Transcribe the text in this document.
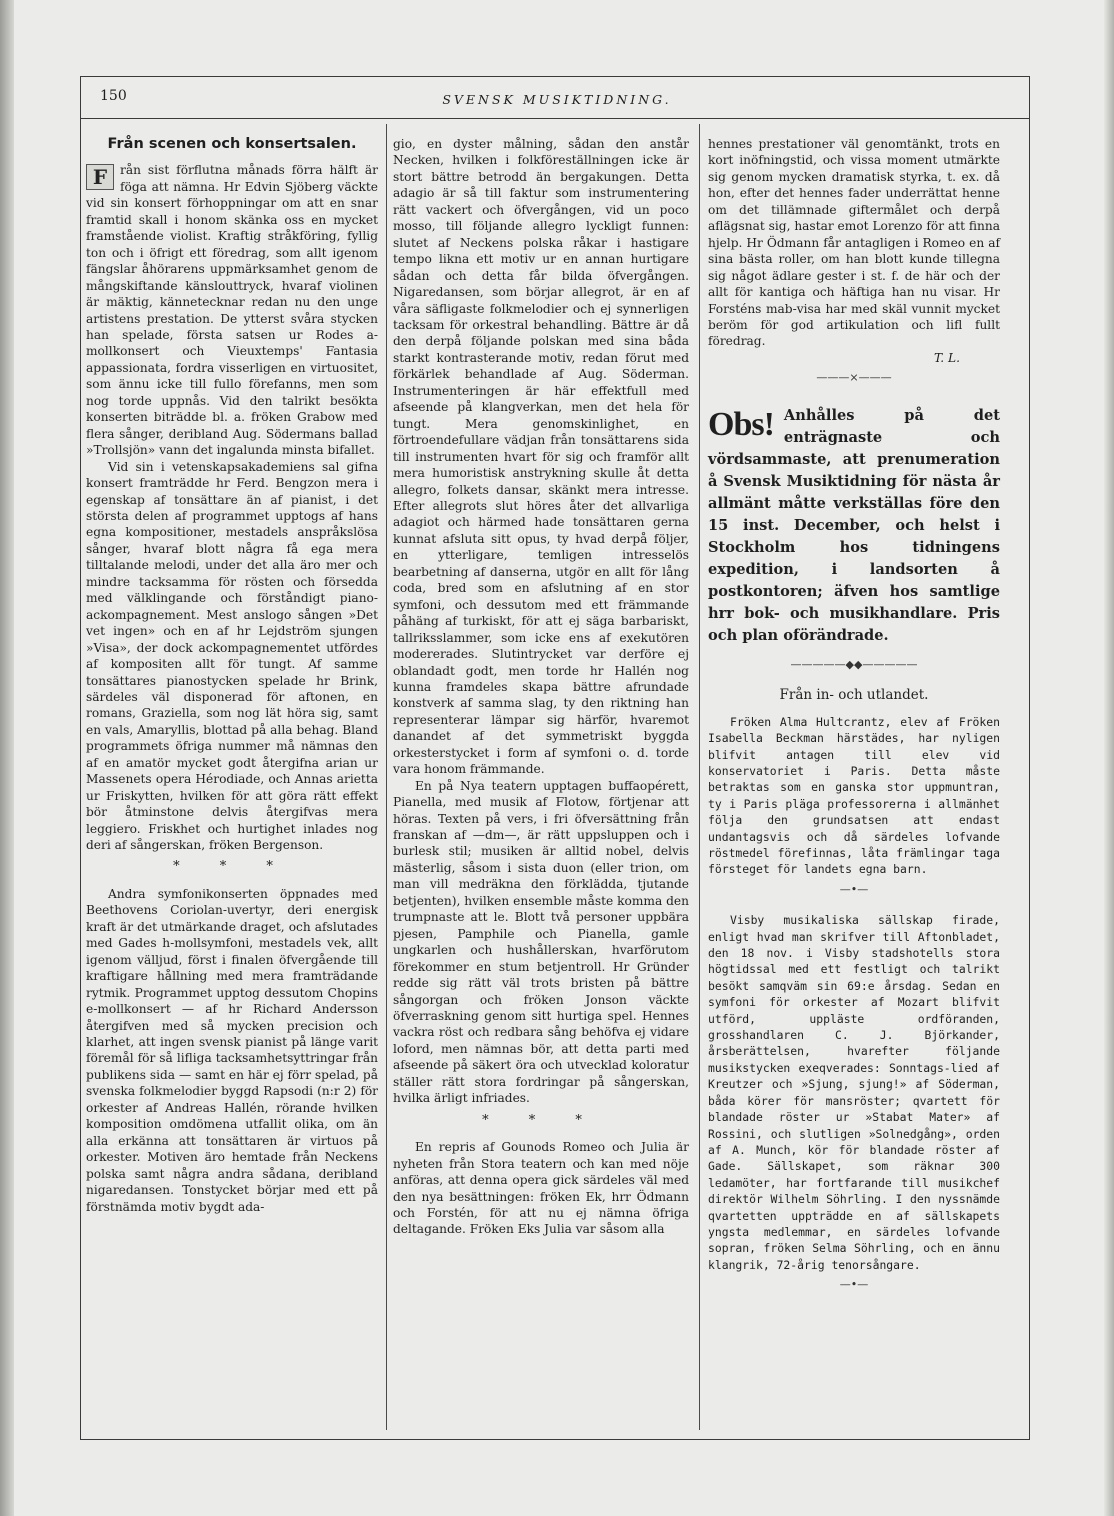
150	SVENSK MUSIKTIDNING.

Från scenen och konsertsalen.

F	rån sist förflutna månads förra hälft är föga att nämna. Hr Edvin Sjöberg väckte vid sin konsert förhoppningar om att en snar framtid skall i honom skänka oss en mycket framstående violist. Kraftig stråkföring, fyllig ton och i öfrigt ett föredrag, som allt igenom fängslar åhörarens uppmärksamhet genom de mångskiftande känslouttryck, hvaraf violinen är mäktig, kännetecknar redan nu den unge artistens prestation. De ytterst svåra stycken han spelade, första satsen ur Rodes a-mollkonsert och Vieuxtemps' Fantasia appassionata, fordra visserligen en virtuositet, som ännu icke till fullo förefanns, men som nog torde uppnås. Vid den talrikt besökta konserten biträdde bl. a. fröken Grabow med flera sånger, deribland Aug. Södermans ballad »Trollsjön» vann det ingalunda minsta bifallet.

Vid sin i vetenskapsakademiens sal gifna konsert framträdde hr Ferd. Bengzon mera i egenskap af tonsättare än af pianist, i det största delen af programmet upptogs af hans egna kompositioner, mestadels anspråkslösa sånger, hvaraf blott några få ega mera tilltalande melodi, under det alla äro mer och mindre tacksamma för rösten och försedda med välklingande och förståndigt piano-ackompagnement. Mest anslogo sången »Det vet ingen» och en af hr Lejdström sjungen »Visa», der dock ackompagnementet utfördes af kompositen allt för tungt. Af samme tonsättares pianostycken spelade hr Brink, särdeles väl disponerad för aftonen, en romans, Graziella, som nog lät höra sig, samt en vals, Amaryllis, blottad på alla behag. Bland programmets öfriga nummer må nämnas den af en amatör mycket godt återgifna arian ur Massenets opera Hérodiade, och Annas arietta ur Friskytten, hvilken för att göra rätt effekt bör åtminstone delvis återgifvas mera leggiero. Friskhet och hurtighet inlades nog deri af sångerskan, fröken Bergenson.

* * *

Andra symfonikonserten öppnades med Beethovens Coriolan-uvertyr, deri energisk kraft är det utmärkande draget, och afslutades med Gades h-mollsymfoni, mestadels vek, allt igenom välljud, först i finalen öfvergående till kraftigare hållning med mera framträdande rytmik. Programmet upptog dessutom Chopins e-mollkonsert — af hr Richard Andersson återgifven med så mycken precision och klarhet, att ingen svensk pianist på länge varit föremål för så lifliga tacksamhetsyttringar från publikens sida — samt en här ej förr spelad, på svenska folkmelodier byggd Rapsodi (n:r 2) för orkester af Andreas Hallén, rörande hvilken komposition omdömena utfallit olika, om än alla erkänna att tonsättaren är virtuos på orkester. Motiven äro hemtade från Neckens polska samt några andra sådana, deribland nigaredansen. Tonstycket börjar med ett på förstnämda motiv bygdt ada-

gio, en dyster målning, sådan den anstår Necken, hvilken i folkföreställningen icke är stort bättre betrodd än bergakungen. Detta adagio är så till faktur som instrumentering rätt vackert och öfvergången, vid un poco mosso, till följande allegro lyckligt funnen: slutet af Neckens polska råkar i hastigare tempo likna ett motiv ur en annan hurtigare sådan och detta får bilda öfvergången. Nigaredansen, som börjar allegrot, är en af våra säfligaste folkmelodier och ej synnerligen tacksam för orkestral behandling. Bättre är då den derpå följande polskan med sina båda starkt kontrasterande motiv, redan förut med förkärlek behandlade af Aug. Söderman. Instrumenteringen är här effektfull med afseende på klangverkan, men det hela för tungt. Mera genomskinlighet, en förtroendefullare vädjan från tonsättarens sida till instrumenten hvart för sig och framför allt mera humoristisk anstrykning skulle åt detta allegro, folkets dansar, skänkt mera intresse. Efter allegrots slut höres åter det allvarliga adagiot och härmed hade tonsättaren gerna kunnat afsluta sitt opus, ty hvad derpå följer, en ytterligare, temligen intresselös bearbetning af danserna, utgör en allt för lång coda, bred som en afslutning af en stor symfoni, och dessutom med ett främmande påhäng af turkiskt, för att ej säga barbariskt, tallriksslammer, som icke ens af exekutören modererades. Slutintrycket var derföre ej oblandadt godt, men torde hr Hallén nog kunna framdeles skapa bättre afrundade konstverk af samma slag, ty den riktning han representerar lämpar sig härför, hvaremot danandet af det symmetriskt byggda orkesterstycket i form af symfoni o. d. torde vara honom främmande.

En på Nya teatern upptagen buffaopérett, Pianella, med musik af Flotow, förtjenar att höras. Texten på vers, i fri öfversättning från franskan af —dm—, är rätt uppsluppen och i burlesk stil; musiken är alltid nobel, delvis mästerlig, såsom i sista duon (eller trion, om man vill medräkna den förklädda, tjutande betjenten), hvilken ensemble måste komma den trumpnaste att le. Blott två personer uppbära pjesen, Pamphile och Pianella, gamle ungkarlen och hushållerskan, hvarförutom förekommer en stum betjentroll. Hr Gründer redde sig rätt väl trots bristen på bättre sångorgan och fröken Jonson väckte öfverraskning genom sitt hurtiga spel. Hennes vackra röst och redbara sång behöfva ej vidare loford, men nämnas bör, att detta parti med afseende på säkert öra och utvecklad koloratur ställer rätt stora fordringar på sångerskan, hvilka ärligt infriades.

* * *

En repris af Gounods Romeo och Julia är nyheten från Stora teatern och kan med nöje anföras, att denna opera gick särdeles väl med den nya besättningen: fröken Ek, hrr Ödmann och Forstén, för att nu ej nämna öfriga deltagande. Fröken Eks Julia var såsom alla

hennes prestationer väl genomtänkt, trots en kort inöfningstid, och vissa moment utmärkte sig genom mycken dramatisk styrka, t. ex. då hon, efter det hennes fader underrättat henne om det tillämnade giftermålet och derpå aflägsnat sig, hastar emot Lorenzo för att finna hjelp. Hr Ödmann får antagligen i Romeo en af sina bästa roller, om han blott kunde tillegna sig något ädlare gester i st. f. de här och der allt för kantiga och häftiga han nu visar. Hr Forsténs mab-visa har med skäl vunnit mycket beröm för god artikulation och lifl fullt föredrag.

T. L.

———×———

Obs! Anhålles på det enträgnaste och vördsammaste, att prenumeration å Svensk Musiktidning för nästa år allmänt måtte verkställas före den 15 inst. December, och helst i Stockholm hos tidningens expedition, i landsorten å postkontoren; äfven hos samtlige hrr bok- och musikhandlare. Pris och plan oförändrade.

—————◆◆—————

Från in- och utlandet.

Fröken Alma Hultcrantz, elev af Fröken Isabella Beckman härstädes, har nyligen blifvit antagen till elev vid konservatoriet i Paris. Detta måste betraktas som en ganska stor uppmuntran, ty i Paris pläga professorerna i allmänhet följa den grundsatsen att endast undantagsvis och då särdeles lofvande röstmedel förefinnas, låta främlingar taga försteget för landets egna barn.

—•—

Visby musikaliska sällskap firade, enligt hvad man skrifver till Aftonbladet, den 18 nov. i Visby stadshotells stora högtidssal med ett festligt och talrikt besökt samqväm sin 69:e årsdag. Sedan en symfoni för orkester af Mozart blifvit utförd, uppläste ordföranden, grosshandlaren C. J. Björkander, årsberättelsen, hvarefter följande musikstycken exeqverades: Sonntags-lied af Kreutzer och »Sjung, sjung!» af Söderman, båda körer för mansröster; qvartett för blandade röster ur »Stabat Mater» af Rossini, och slutligen »Solnedgång», orden af A. Munch, kör för blandade röster af Gade. Sällskapet, som räknar 300 ledamöter, har fortfarande till musikchef direktör Wilhelm Söhrling. I den nyssnämde qvartetten uppträdde en af sällskapets yngsta medlemmar, en särdeles lofvande sopran, fröken Selma Söhrling, och en ännu klangrik, 72-årig tenorsångare.

—•—
